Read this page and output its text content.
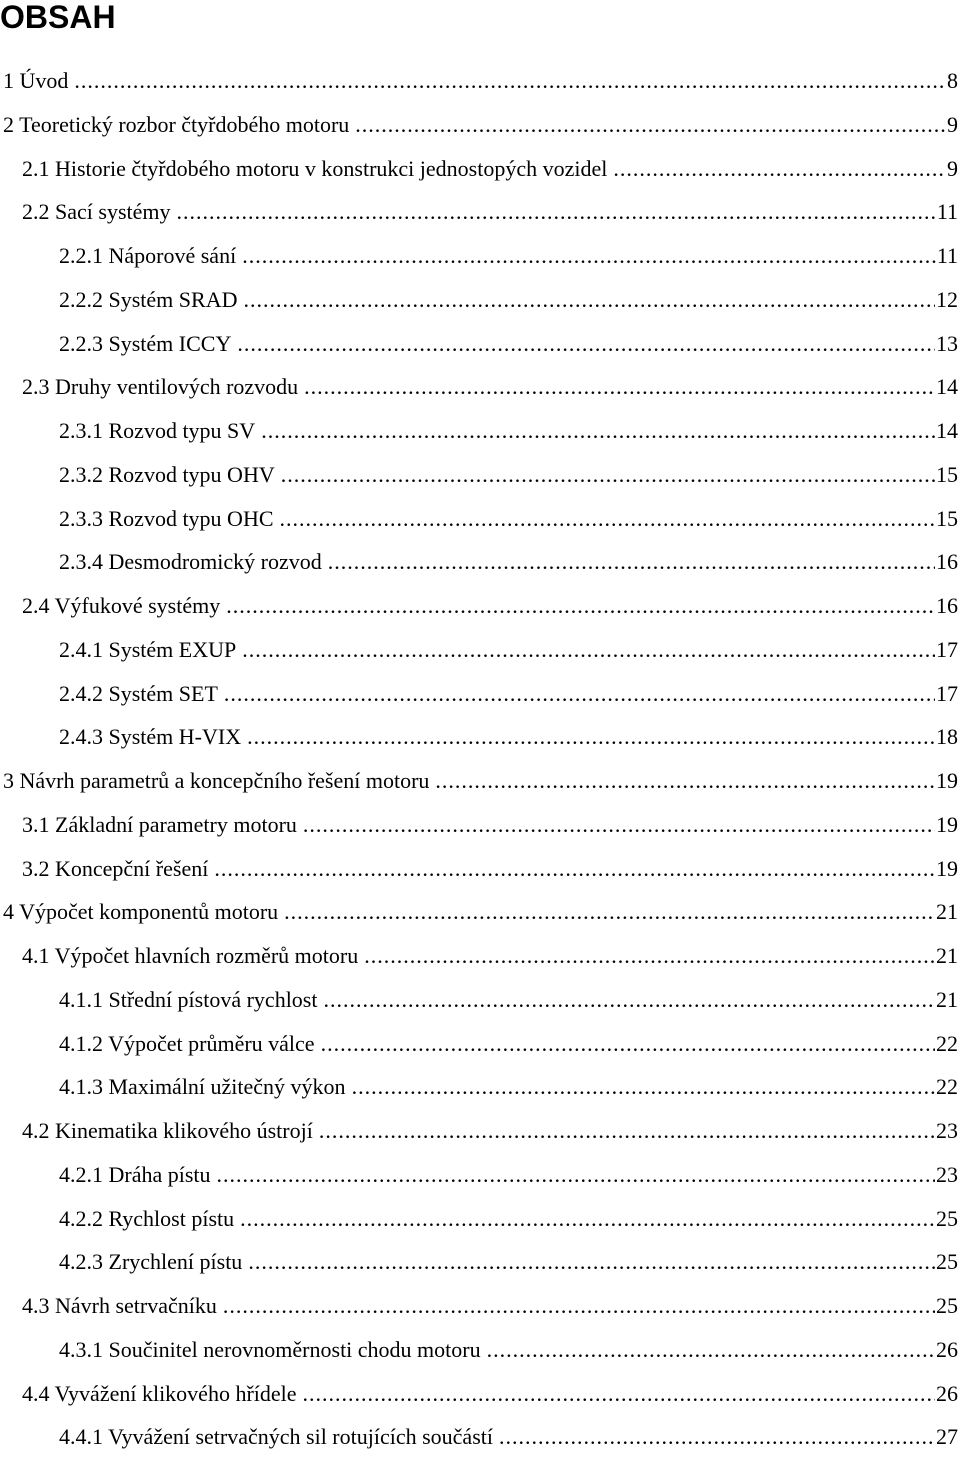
OBSAH
1 Úvod .....	8
2 Teoretický rozbor čtyřdobého motoru .....	9
2.1 Historie čtyřdobého motoru v konstrukci jednostopých vozidel .....	9
2.2 Sací systémy .....	11
2.2.1 Náporové sání .....	11
2.2.2 Systém SRAD .....	12
2.2.3 Systém ICCY .....	13
2.3 Druhy ventilových rozvodu .....	14
2.3.1 Rozvod typu SV .....	14
2.3.2 Rozvod typu OHV .....	15
2.3.3 Rozvod typu OHC .....	15
2.3.4 Desmodromický rozvod .....	16
2.4 Výfukové systémy .....	16
2.4.1 Systém EXUP .....	17
2.4.2 Systém SET .....	17
2.4.3 Systém H-VIX .....	18
3 Návrh parametrů a koncepčního řešení motoru .....	19
3.1 Základní parametry motoru .....	19
3.2 Koncepční řešení .....	19
4 Výpočet komponentů motoru .....	21
4.1 Výpočet hlavních rozměrů motoru .....	21
4.1.1 Střední pístová rychlost .....	21
4.1.2 Výpočet průměru válce .....	22
4.1.3 Maximální užitečný výkon .....	22
4.2 Kinematika klikového ústrojí .....	23
4.2.1 Dráha pístu .....	23
4.2.2 Rychlost pístu .....	25
4.2.3 Zrychlení pístu .....	25
4.3 Návrh setrvačníku .....	25
4.3.1 Součinitel nerovnoměrnosti chodu motoru .....	26
4.4 Vyvážení klikového hřídele .....	26
4.4.1 Vyvážení setrvačných sil rotujících součástí .....	27
